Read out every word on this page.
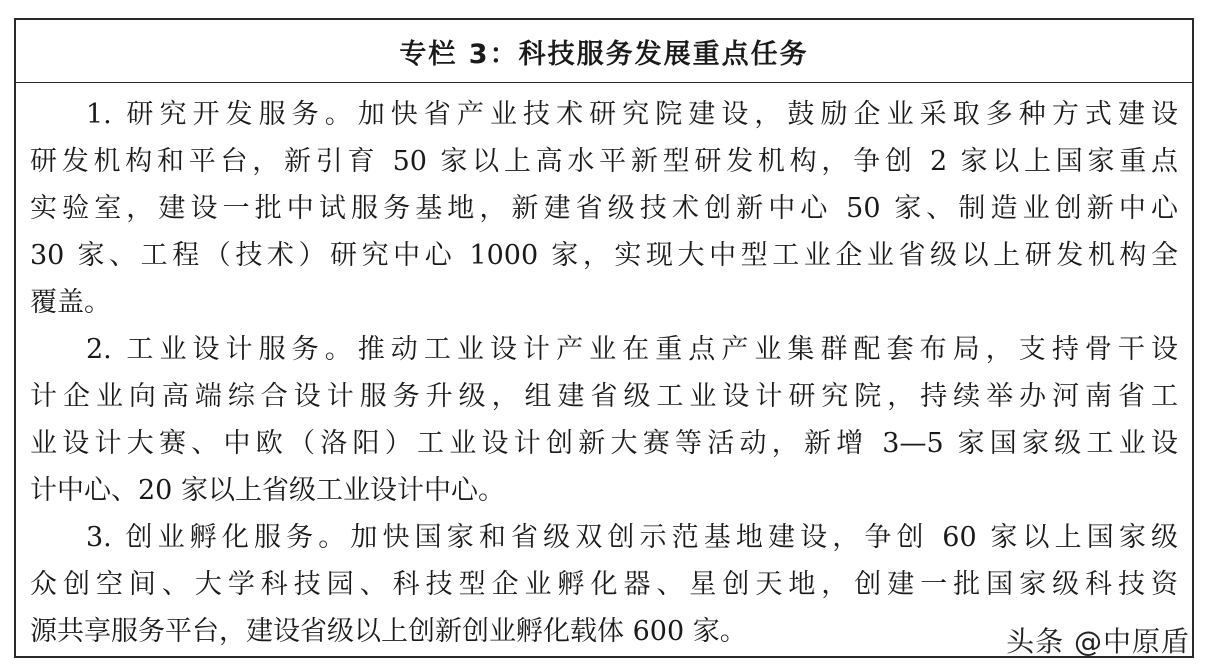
专栏 3：科技服务发展重点任务
1. 研究开发服务。加快省产业技术研究院建设，鼓励企业采取多种方式建设
研发机构和平台，新引育 50 家以上高水平新型研发机构，争创 2 家以上国家重点
实验室，建设一批中试服务基地，新建省级技术创新中心 50 家、制造业创新中心
30 家、工程（技术）研究中心 1000 家，实现大中型工业企业省级以上研发机构全
覆盖。
2. 工业设计服务。推动工业设计产业在重点产业集群配套布局，支持骨干设
计企业向高端综合设计服务升级，组建省级工业设计研究院，持续举办河南省工
业设计大赛、中欧（洛阳）工业设计创新大赛等活动，新增 3—5 家国家级工业设
计中心、20 家以上省级工业设计中心。
3. 创业孵化服务。加快国家和省级双创示范基地建设，争创 60 家以上国家级
众创空间、大学科技园、科技型企业孵化器、星创天地，创建一批国家级科技资
源共享服务平台，建设省级以上创新创业孵化载体 600 家。	头条 @中原盾
